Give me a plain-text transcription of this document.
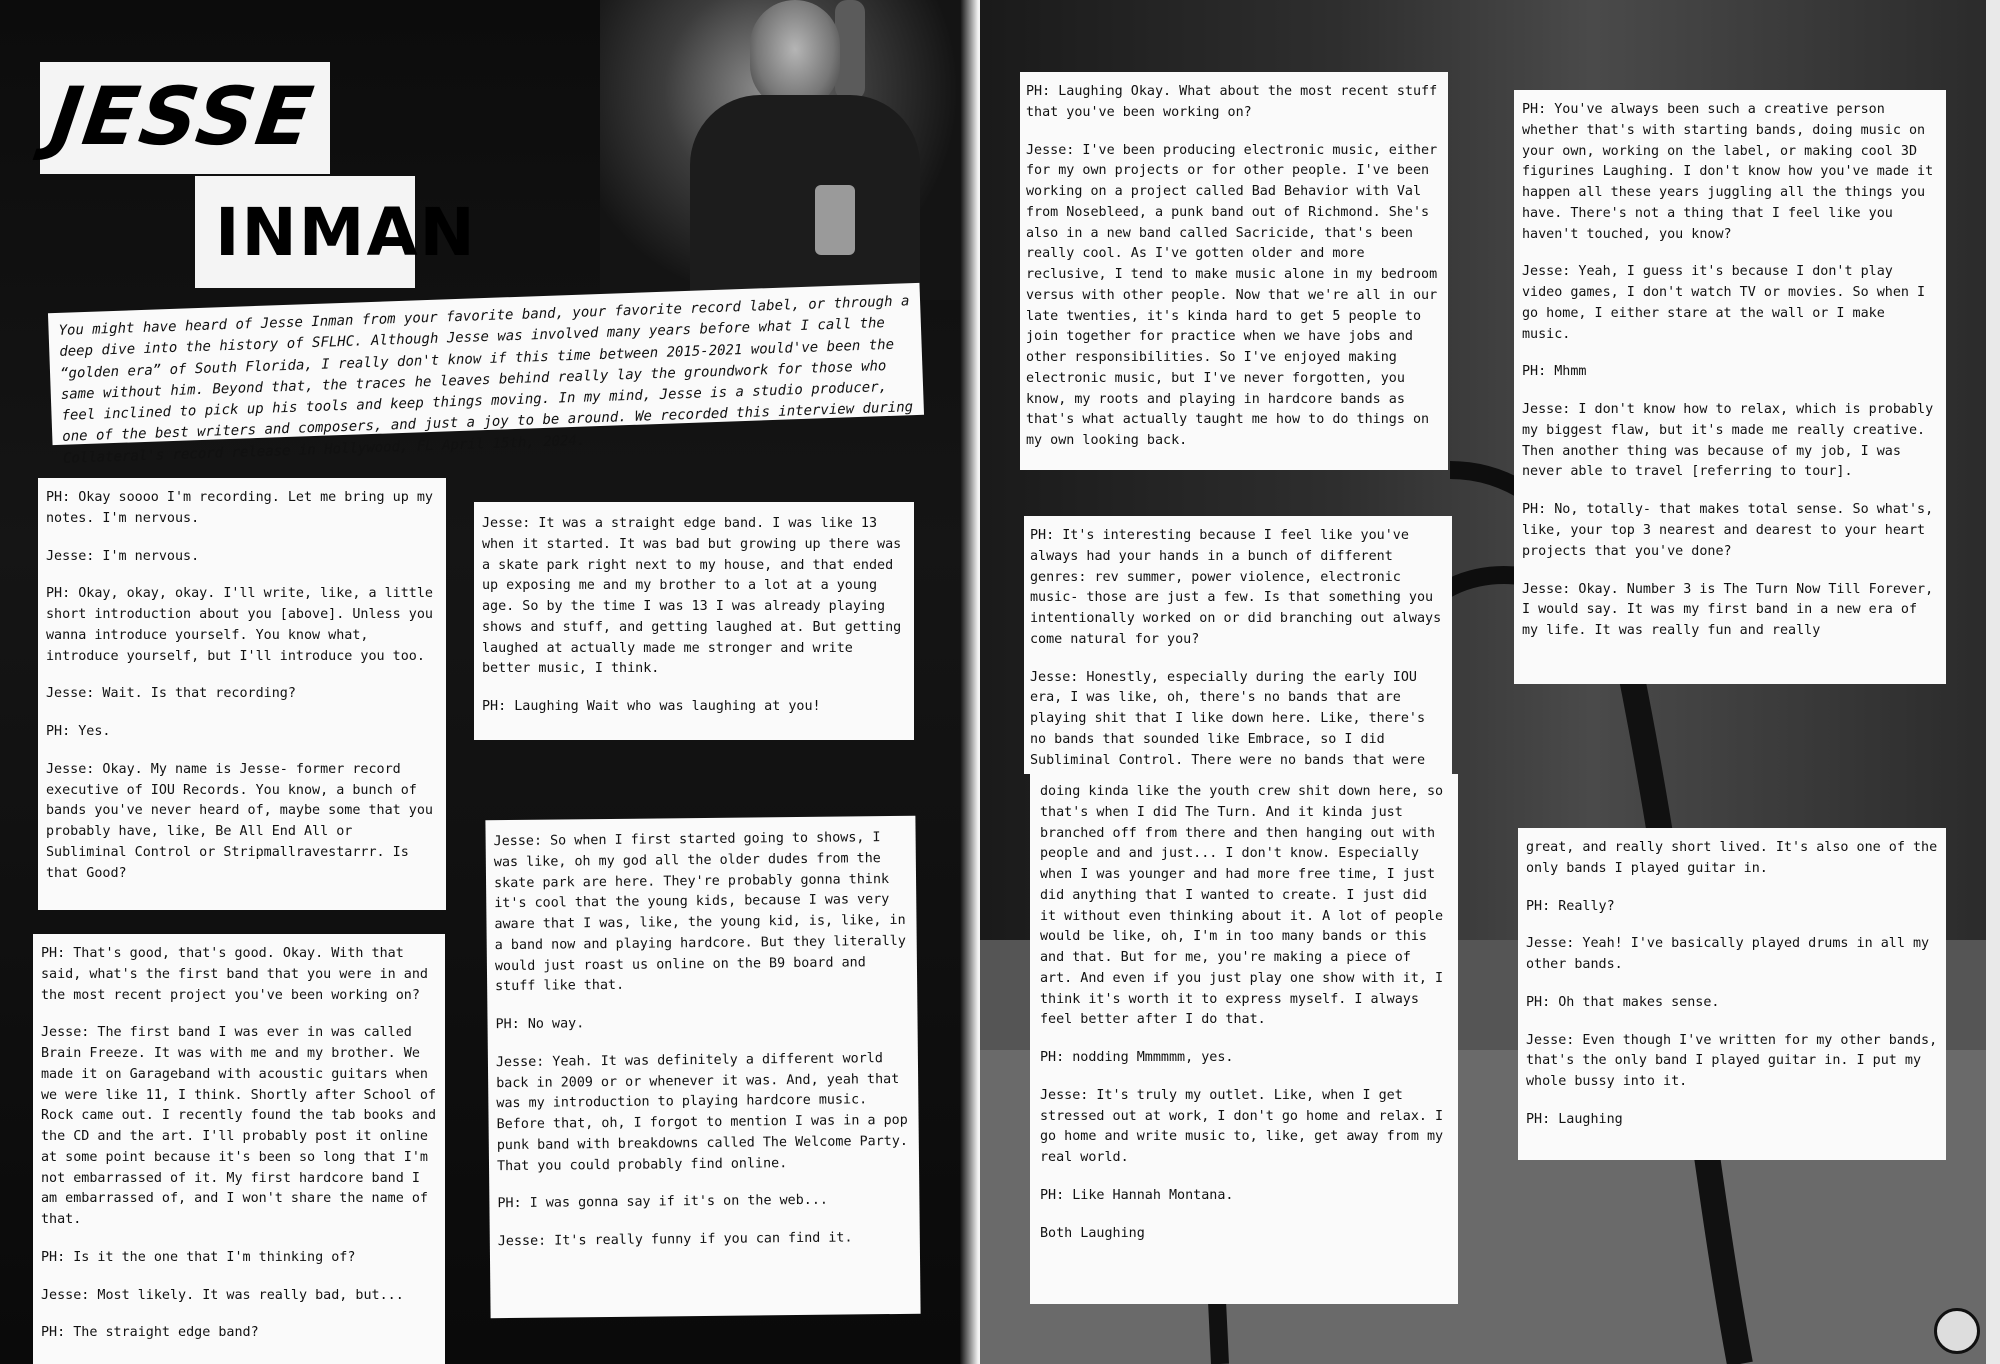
JESSE
INMAN

You might have heard of Jesse Inman from your favorite band, your favorite record label, or through a deep dive into the history of SFLHC. Although Jesse was involved many years before what I call the “golden era” of South Florida, I really don't know if this time between 2015-2021 would've been the same without him. Beyond that, the traces he leaves behind really lay the groundwork for those who feel inclined to pick up his tools and keep things moving. In my mind, Jesse is a studio producer, one of the best writers and composers, and just a joy to be around. We recorded this interview during Collateral's record release in Hollywood, FL April 15th, 2024.

PH: Okay soooo I'm recording. Let me bring up my notes. I'm nervous.

Jesse: I'm nervous.

PH: Okay, okay, okay. I'll write, like, a little short introduction about you [above]. Unless you wanna introduce yourself. You know what, introduce yourself, but I'll introduce you too.

Jesse: Wait. Is that recording?

PH: Yes.

Jesse: Okay. My name is Jesse- former record executive of IOU Records. You know, a bunch of bands you've never heard of, maybe some that you probably have, like, Be All End All or Subliminal Control or Stripmallravestarrr. Is that Good?

PH: That's good, that's good. Okay. With that said, what's the first band that you were in and the most recent project you've been working on?

Jesse: The first band I was ever in was called Brain Freeze. It was with me and my brother. We made it on Garageband with acoustic guitars when we were like 11, I think. Shortly after School of Rock came out. I recently found the tab books and the CD and the art. I'll probably post it online at some point because it's been so long that I'm not embarrassed of it. My first hardcore band I am embarrassed of, and I won't share the name of that.

PH: Is it the one that I'm thinking of?

Jesse: Most likely. It was really bad, but...

PH: The straight edge band?

Jesse: It was a straight edge band. I was like 13 when it started. It was bad but growing up there was a skate park right next to my house, and that ended up exposing me and my brother to a lot at a young age. So by the time I was 13 I was already playing shows and stuff, and getting laughed at. But getting laughed at actually made me stronger and write better music, I think.

PH: Laughing Wait who was laughing at you!

Jesse: So when I first started going to shows, I was like, oh my god all the older dudes from the skate park are here. They're probably gonna think it's cool that the young kids, because I was very aware that I was, like, the young kid, is, like, in a band now and playing hardcore. But they literally would just roast us online on the B9 board and stuff like that.

PH: No way.

Jesse: Yeah. It was definitely a different world back in 2009 or or whenever it was. And, yeah that was my introduction to playing hardcore music. Before that, oh, I forgot to mention I was in a pop punk band with breakdowns called The Welcome Party. That you could probably find online.

PH: I was gonna say if it's on the web...

Jesse: It's really funny if you can find it.

PH: Laughing Okay. What about the most recent stuff that you've been working on?

Jesse: I've been producing electronic music, either for my own projects or for other people. I've been working on a project called Bad Behavior with Val from Nosebleed, a punk band out of Richmond. She's also in a new band called Sacricide, that's been really cool. As I've gotten older and more reclusive, I tend to make music alone in my bedroom versus with other people. Now that we're all in our late twenties, it's kinda hard to get 5 people to join together for practice when we have jobs and other responsibilities. So I've enjoyed making electronic music, but I've never forgotten, you know, my roots and playing in hardcore bands as that's what actually taught me how to do things on my own looking back.

PH: It's interesting because I feel like you've always had your hands in a bunch of different genres: rev summer, power violence, electronic music- those are just a few. Is that something you intentionally worked on or did branching out always come natural for you?

Jesse: Honestly, especially during the early IOU era, I was like, oh, there's no bands that are playing shit that I like down here. Like, there's no bands that sounded like Embrace, so I did Subliminal Control. There were no bands that were

doing kinda like the youth crew shit down here, so that's when I did The Turn. And it kinda just branched off from there and then hanging out with people and and just... I don't know. Especially when I was younger and had more free time, I just did anything that I wanted to create. I just did it without even thinking about it. A lot of people would be like, oh, I'm in too many bands or this and that. But for me, you're making a piece of art. And even if you just play one show with it, I think it's worth it to express myself. I always feel better after I do that.

PH: nodding Mmmmmm, yes.

Jesse: It's truly my outlet. Like, when I get stressed out at work, I don't go home and relax. I go home and write music to, like, get away from my real world.

PH: Like Hannah Montana.

Both Laughing

PH: You've always been such a creative person whether that's with starting bands, doing music on your own, working on the label, or making cool 3D figurines Laughing. I don't know how you've made it happen all these years juggling all the things you have. There's not a thing that I feel like you haven't touched, you know?

Jesse: Yeah, I guess it's because I don't play video games, I don't watch TV or movies. So when I go home, I either stare at the wall or I make music.

PH: Mhmm

Jesse: I don't know how to relax, which is probably my biggest flaw, but it's made me really creative. Then another thing was because of my job, I was never able to travel [referring to tour].

PH: No, totally- that makes total sense. So what's, like, your top 3 nearest and dearest to your heart projects that you've done?

Jesse: Okay. Number 3 is The Turn Now Till Forever, I would say. It was my first band in a new era of my life. It was really fun and really

great, and really short lived. It's also one of the only bands I played guitar in.

PH: Really?

Jesse: Yeah! I've basically played drums in all my other bands.

PH: Oh that makes sense.

Jesse: Even though I've written for my other bands, that's the only band I played guitar in. I put my whole bussy into it.

PH: Laughing
